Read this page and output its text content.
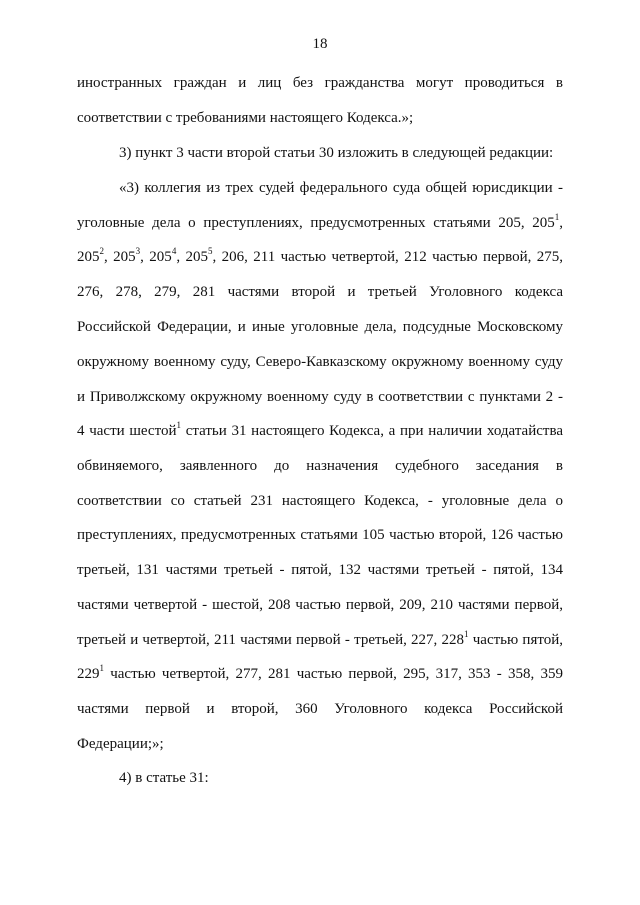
18
иностранных граждан и лиц без гражданства могут проводиться в
соответствии с требованиями настоящего Кодекса.»;
3) пункт 3 части второй статьи 30 изложить в следующей редакции:
«3) коллегия из трех судей федерального суда общей юрисдикции -
уголовные дела о преступлениях, предусмотренных статьями 205, $205^1$,
$205^2$, $205^3$, $205^4$, $205^5$, 206, 211 частью четвертой, 212 частью первой, 275,
276, 278, 279, 281 частями второй и третьей Уголовного кодекса
Российской Федерации, и иные уголовные дела, подсудные Московскому
окружному военному суду, Северо-Кавказскому окружному военному суду
и Приволжскому окружному военному суду в соответствии с пунктами 2 -
4 части шестой$^1$ статьи 31 настоящего Кодекса, а при наличии ходатайства
обвиняемого, заявленного до назначения судебного заседания в
соответствии со статьей 231 настоящего Кодекса, - уголовные дела о
преступлениях, предусмотренных статьями 105 частью второй, 126 частью
третьей, 131 частями третьей - пятой, 132 частями третьей - пятой, 134
частями четвертой - шестой, 208 частью первой, 209, 210 частями первой,
третьей и четвертой, 211 частями первой - третьей, 227, $228^1$ частью пятой,
$229^1$ частью четвертой, 277, 281 частью первой, 295, 317, 353 - 358, 359
частями первой и второй, 360 Уголовного кодекса Российской
Федерации;»;
4) в статье 31:
